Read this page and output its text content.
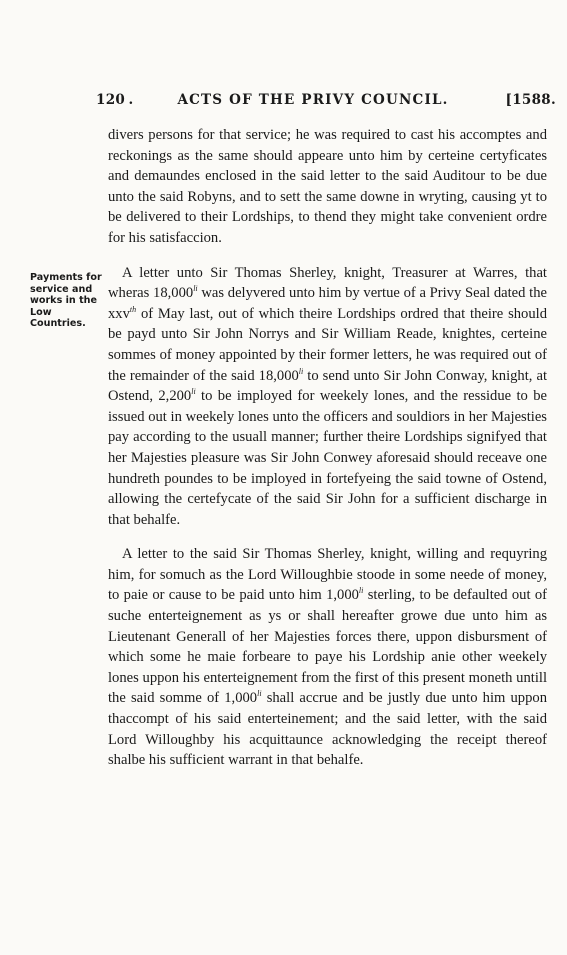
120 .	ACTS OF THE PRIVY COUNCIL.	[1588.
Payments for
service and
works in the
Low Countries.

divers persons for that service; he was required to cast his accomptes and reckonings as the same should appeare unto him by certeine certyficates and demaundes enclosed in the said letter to the said Auditour to be due unto the said Robyns, and to sett the same downe in wryting, causing yt to be delivered to their Lordships, to thend they might take convenient ordre for his satisfaccion.

A letter unto Sir Thomas Sherley, knight, Treasurer at Warres, that wheras $18,000^{li}$ was delyvered unto him by vertue of a Privy Seal dated the xxv$^{th}$ of May last, out of which theire Lordships ordred that theire should be payd unto Sir John Norrys and Sir William Reade, knightes, certeine sommes of money appointed by their former letters, he was required out of the remainder of the said $18,000^{li}$ to send unto Sir John Conway, knight, at Ostend, $2,200^{li}$ to be imployed for weekely lones, and the ressidue to be issued out in weekely lones unto the officers and souldiors in her Majesties pay according to the usuall manner; further theire Lordships signifyed that her Majesties pleasure was Sir John Conwey aforesaid should receave one hundreth poundes to be imployed in fortefyeing the said towne of Ostend, allowing the certefycate of the said Sir John for a sufficient discharge in that behalfe.

A letter to the said Sir Thomas Sherley, knight, willing and requyring him, for somuch as the Lord Willoughbie stoode in some neede of money, to paie or cause to be paid unto him $1,000^{li}$ sterling, to be defaulted out of suche enterteignement as ys or shall hereafter growe due unto him as Lieutenant Generall of her Majesties forces there, uppon disbursment of which some he maie forbeare to paye his Lordship anie other weekely lones uppon his enterteignement from the first of this present moneth untill the said somme of $1,000^{li}$ shall accrue and be justly due unto him uppon thaccompt of his said enterteinement; and the said letter, with the said Lord Willoughby his acquittaunce acknowledging the receipt thereof shalbe his sufficient warrant in that behalfe.
